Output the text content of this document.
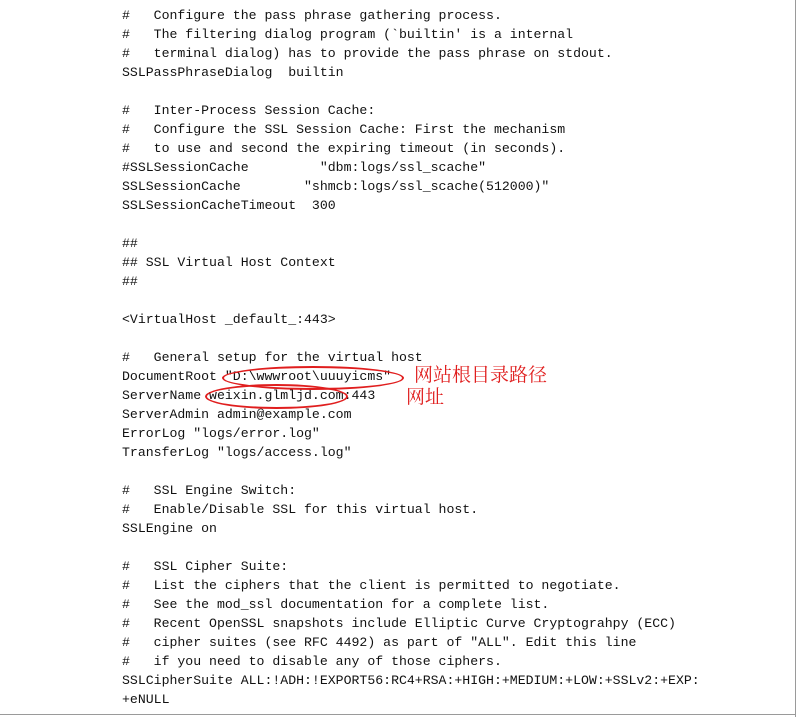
#   Configure the pass phrase gathering process.
#   The filtering dialog program (`builtin' is a internal
#   terminal dialog) has to provide the pass phrase on stdout.
SSLPassPhraseDialog  builtin
#   Inter-Process Session Cache:
#   Configure the SSL Session Cache: First the mechanism
#   to use and second the expiring timeout (in seconds).
#SSLSessionCache         "dbm:logs/ssl_scache"
SSLSessionCache        "shmcb:logs/ssl_scache(512000)"
SSLSessionCacheTimeout  300
##
## SSL Virtual Host Context
##
<VirtualHost _default_:443>
#   General setup for the virtual host
DocumentRoot "D:\wwwroot\uuuyicms"
ServerName weixin.glmljd.com:443
ServerAdmin admin@example.com
ErrorLog "logs/error.log"
TransferLog "logs/access.log"
#   SSL Engine Switch:
#   Enable/Disable SSL for this virtual host.
SSLEngine on
#   SSL Cipher Suite:
#   List the ciphers that the client is permitted to negotiate.
#   See the mod_ssl documentation for a complete list.
#   Recent OpenSSL snapshots include Elliptic Curve Cryptograhpy (ECC)
#   cipher suites (see RFC 4492) as part of "ALL". Edit this line
#   if you need to disable any of those ciphers.
SSLCipherSuite ALL:!ADH:!EXPORT56:RC4+RSA:+HIGH:+MEDIUM:+LOW:+SSLv2:+EXP:
+eNULL
网站根目录路径
网址
